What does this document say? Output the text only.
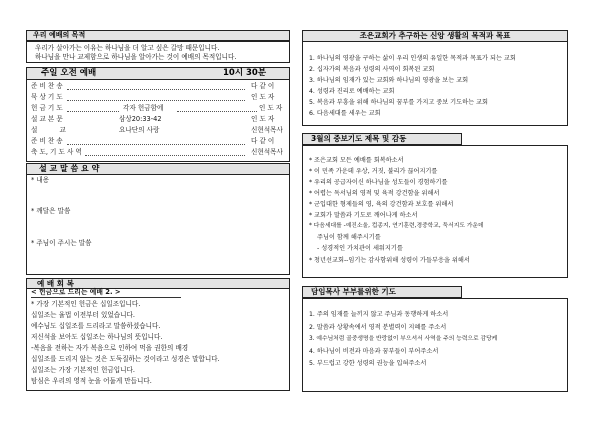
우리 예배의 목적
우리가 살아가는 이유는 하나님을 더 알고 싶은 갈망 때문입니다.
하나님을 만나 교제함으로 하나님을 알아가는 것이 예배의 목적입니다.
주일 오전 예배	10시 30분
준 비 찬 송	다 같 이
묵 상 기 도	인 도 자
헌 금 기 도	각자 헌금함에	인 도 자
설 교 본 문	삼상20:33-42	인 도 자
설 교	요나단의 사랑	신현석목사
준 비 찬 송	다 같 이
축 도, 기 도 사 역	신현석목사
설 교 말 씀 요 약
* 내용
* 깨달은 말씀
* 주님이 주시는 말씀
예 배 회 복
< 헌금으로 드리는 예배 2. >
* 가장 기본적인 헌금은 십일조입니다.
십일조는 율법 이전부터 있었습니다.
예수님도 십일조를 드리라고 말씀하셨습니다.
저신석을 보아도 십일조는 하나님의 뜻입니다.
-복음을 전하는 자가 복음으로 인하여 먹을 권한의 배경
십일조를 드리지 않는 것은 도둑질하는 것이라고 성경은 말합니다.
십일조는 가장 기본적인 헌금입니다.
탐심은 우리의 영적 눈을 어둡게 만듭니다.
조은교회가 추구하는 신앙 생활의 목적과 목표
1. 하나님의 영광을 구하는 삶이 우리 인생의 유일한 목적과 목표가 되는 교회
2. 십자가의 복음과 성령의 사역이 회복된 교회
3. 하나님의 임재가 있는 교회와 하나님의 영광을 보는 교회
4. 성령과 진리로 예배하는 교회
5. 복음과 부흥을 위해 하나님의 꿈부를 가지고 중보 기도하는 교회
6. 다음세대를 세우는 교회
3월의 중보기도 제목 및 감동
* 조은교회 모든 예배를 회복하소서
* 이 민족 가운데 우상, 거짓, 불리가 끊어지기를
* 우리의 공급자이신 하나님을 성도들이 경험하기를
* 어렵는 독서님의 영적 및 육적 강건함을 위해서
* 군입대한 형제들의 영, 육의 강건함과 보호를 위해서
* 교회가 말씀과 기도로 깨어나게 하소서
* 다음세대를 -예진소울, 컵종지, 연기훈련,경중학교, 둑서지도 가운데
주님이 함께 해주시기를
- 성경적인 가치관이 세워지기를
* 청년선교회--임기는 감사함위해 성령이 가들부응을 위해서
담임목사 부부를위한 기도
1. 주의 임재를 늘끼지 않고 주님과 동행하게 하소서
2. 말씀과 상황속에서 영적 분별력이 지혜를 주소서
3. 예수님처럼 골중생명을 반랑없이 부으셔서 사역을 주의 능력으로 감당케
4. 하나님이 비전과 마음과 꿈부들이 부어주소서
5. 부드럽고 강한 성령의 권능을 입혀주소서
